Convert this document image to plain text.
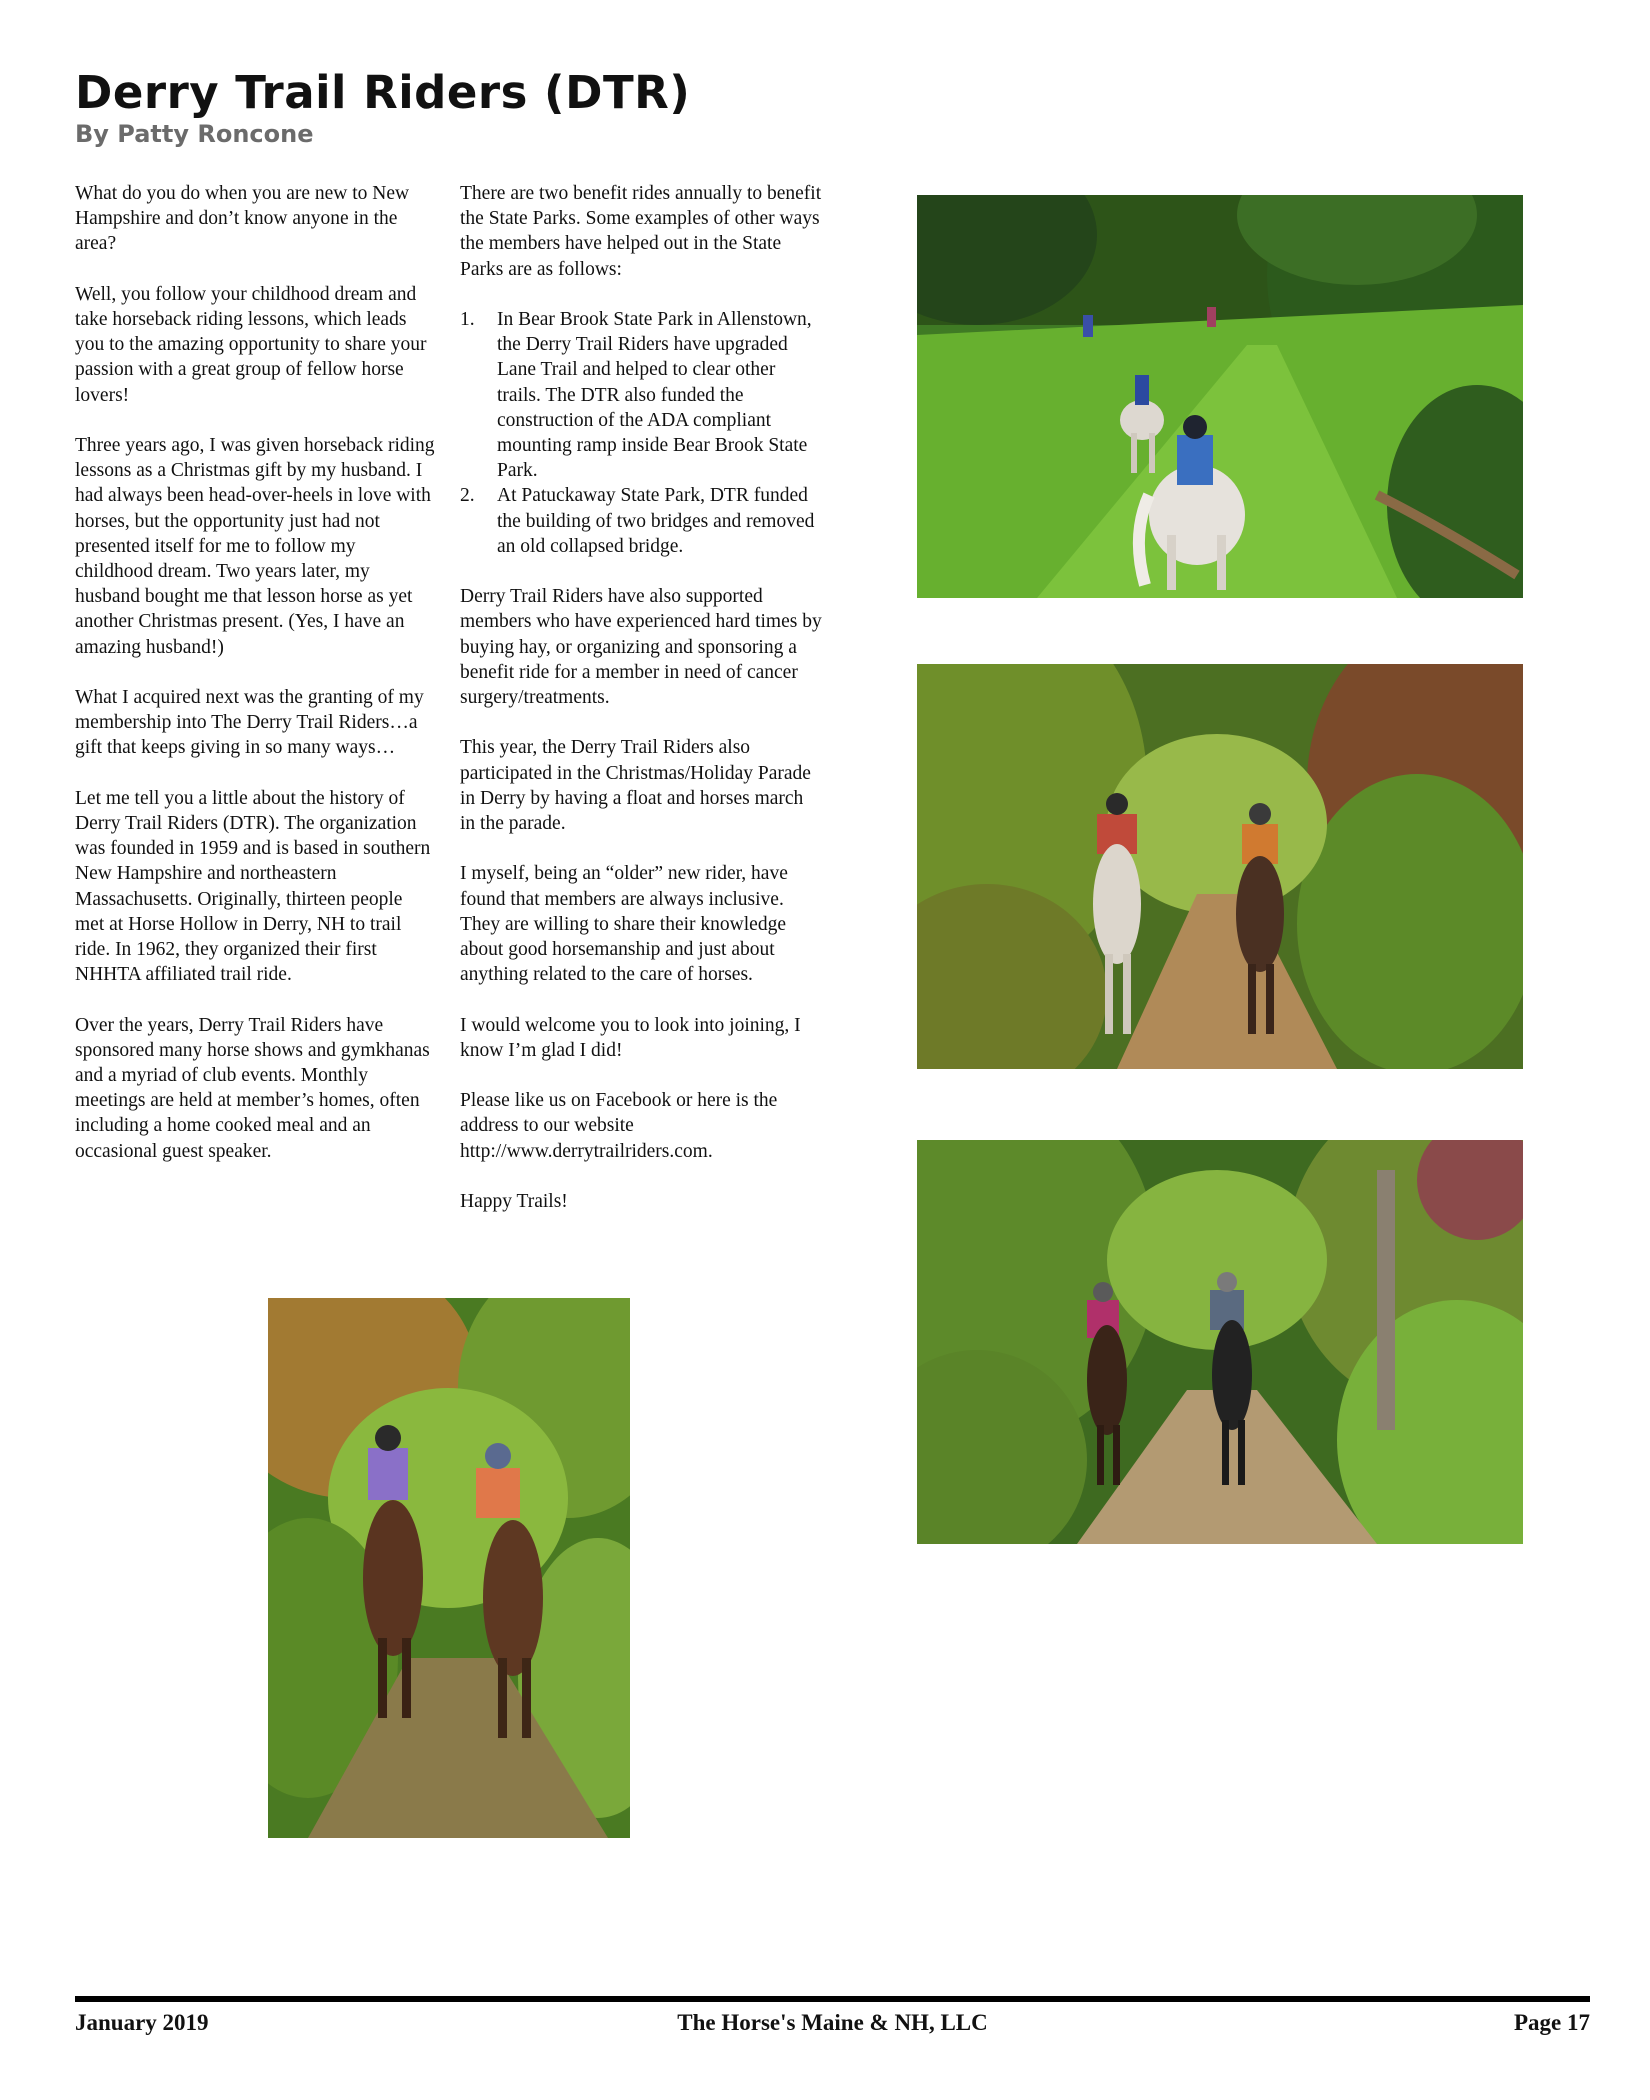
Derry Trail Riders (DTR)
By Patty Roncone

What do you do when you are new to New Hampshire and don’t know anyone in the area?

Well, you follow your childhood dream and take horseback riding lessons, which leads you to the amazing opportunity to share your passion with a great group of fellow horse lovers!

Three years ago, I was given horseback riding lessons as a Christmas gift by my husband. I had always been head-over-heels in love with horses, but the opportunity just had not presented itself for me to follow my childhood dream. Two years later, my husband bought me that lesson horse as yet another Christmas present. (Yes, I have an amazing husband!)

What I acquired next was the granting of my membership into The Derry Trail Riders…a gift that keeps giving in so many ways…

Let me tell you a little about the history of Derry Trail Riders (DTR). The organization was founded in 1959 and is based in southern New Hampshire and northeastern Massachusetts. Originally, thirteen people met at Horse Hollow in Derry, NH to trail ride. In 1962, they organized their first NHHTA affiliated trail ride.

Over the years, Derry Trail Riders have sponsored many horse shows and gymkhanas and a myriad of club events. Monthly meetings are held at member’s homes, often including a home cooked meal and an occasional guest speaker.

There are two benefit rides annually to benefit the State Parks. Some examples of other ways the members have helped out in the State Parks are as follows:

1. In Bear Brook State Park in Allenstown, the Derry Trail Riders have upgraded Lane Trail and helped to clear other trails. The DTR also funded the construction of the ADA compliant mounting ramp inside Bear Brook State Park.
2. At Patuckaway State Park, DTR funded the building of two bridges and removed an old collapsed bridge.

Derry Trail Riders have also supported members who have experienced hard times by buying hay, or organizing and sponsoring a benefit ride for a member in need of cancer surgery/treatments.

This year, the Derry Trail Riders also participated in the Christmas/Holiday Parade in Derry by having a float and horses march in the parade.

I myself, being an “older” new rider, have found that members are always inclusive. They are willing to share their knowledge about good horsemanship and just about anything related to the care of horses.

I would welcome you to look into joining, I know I’m glad I did!

Please like us on Facebook or here is the address to our website http://www.derrytrailriders.com.

Happy Trails!

January 2019	The Horse's Maine & NH, LLC	Page 17
